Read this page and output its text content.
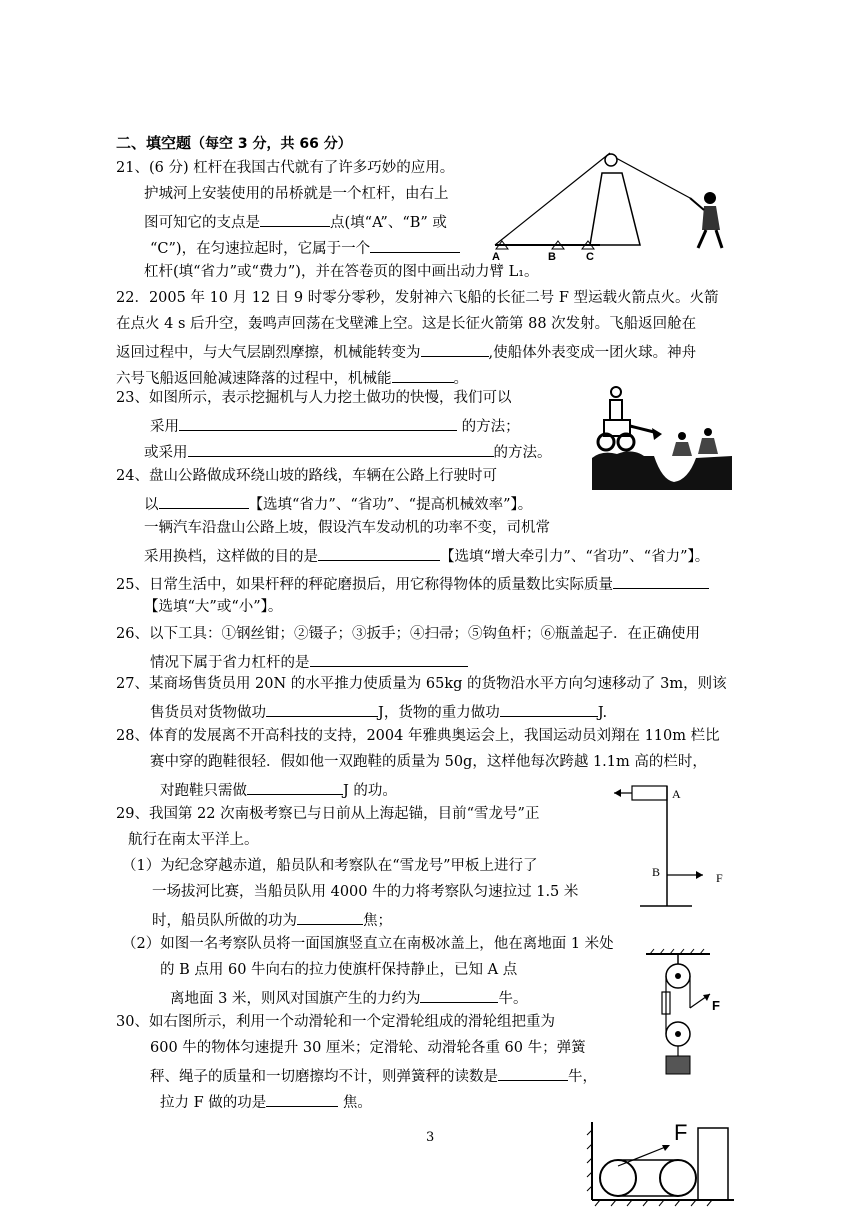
二、填空题（每空 3 分，共 66 分）
21、(6 分) 杠杆在我国古代就有了许多巧妙的应用。
护城河上安装使用的吊桥就是一个杠杆，由右上
图可知它的支点是	点(填“A”、“B” 或
“C”)，在匀速拉起时，它属于一个
杠杆(填“省力”或“费力”)，并在答卷页的图中画出动力臂 L₁。
A	B	C
22．2005 年 10 月 12 日 9 时零分零秒，发射神六飞船的长征二号 F 型运载火箭点火。火箭
在点火 4 s 后升空，轰鸣声回荡在戈壁滩上空。这是长征火箭第 88 次发射。飞船返回舱在
返回过程中，与大气层剧烈摩擦，机械能转变为	,使船体外表变成一团火球。神舟
六号飞船返回舱减速降落的过程中，机械能	。
23、如图所示，表示挖掘机与人力挖土做功的快慢，我们可以
采用	的方法；
或采用	的方法。
24、盘山公路做成环绕山坡的路线，车辆在公路上行驶时可
以	【选填“省力”、“省功”、“提高机械效率”】。
一辆汽车沿盘山公路上坡，假设汽车发动机的功率不变，司机常
采用换档，这样做的目的是	【选填“增大牵引力”、“省功”、“省力”】。
25、日常生活中，如果杆秤的秤砣磨损后，用它称得物体的质量数比实际质量
【选填“大”或“小”】。
26、以下工具：①钢丝钳；②镊子；③扳手；④扫帚；⑤钩鱼杆；⑥瓶盖起子．在正确使用
情况下属于省力杠杆的是
27、某商场售货员用 20N 的水平推力使质量为 65kg 的货物沿水平方向匀速移动了 3m，则该
售货员对货物做功	J，货物的重力做功	J.
28、体育的发展离不开高科技的支持，2004 年雅典奥运会上，我国运动员刘翔在 110m 栏比
赛中穿的跑鞋很轻．假如他一双跑鞋的质量为 50g，这样他每次跨越 1.1m 高的栏时，
对跑鞋只需做	J 的功。
29、我国第 22 次南极考察已与日前从上海起锚，目前“雪龙号”正
航行在南太平洋上。
（1）为纪念穿越赤道，船员队和考察队在“雪龙号”甲板上进行了
一场拔河比赛，当船员队用 4000 牛的力将考察队匀速拉过 1.5 米
时，船员队所做的功为	焦；
（2）如图一名考察队员将一面国旗竖直立在南极冰盖上，他在离地面 1 米处
的 B 点用 60 牛向右的拉力使旗杆保持静止，已知 A 点
离地面 3 米，则风对国旗产生的力约为	牛。
A
B	F
30、如右图所示，利用一个动滑轮和一个定滑轮组成的滑轮组把重为
600 牛的物体匀速提升 30 厘米；定滑轮、动滑轮各重 60 牛；弹簧
秤、绳子的质量和一切磨擦均不计，则弹簧秤的读数是	牛，
拉力 F 做的功是	焦。
F
F
3
